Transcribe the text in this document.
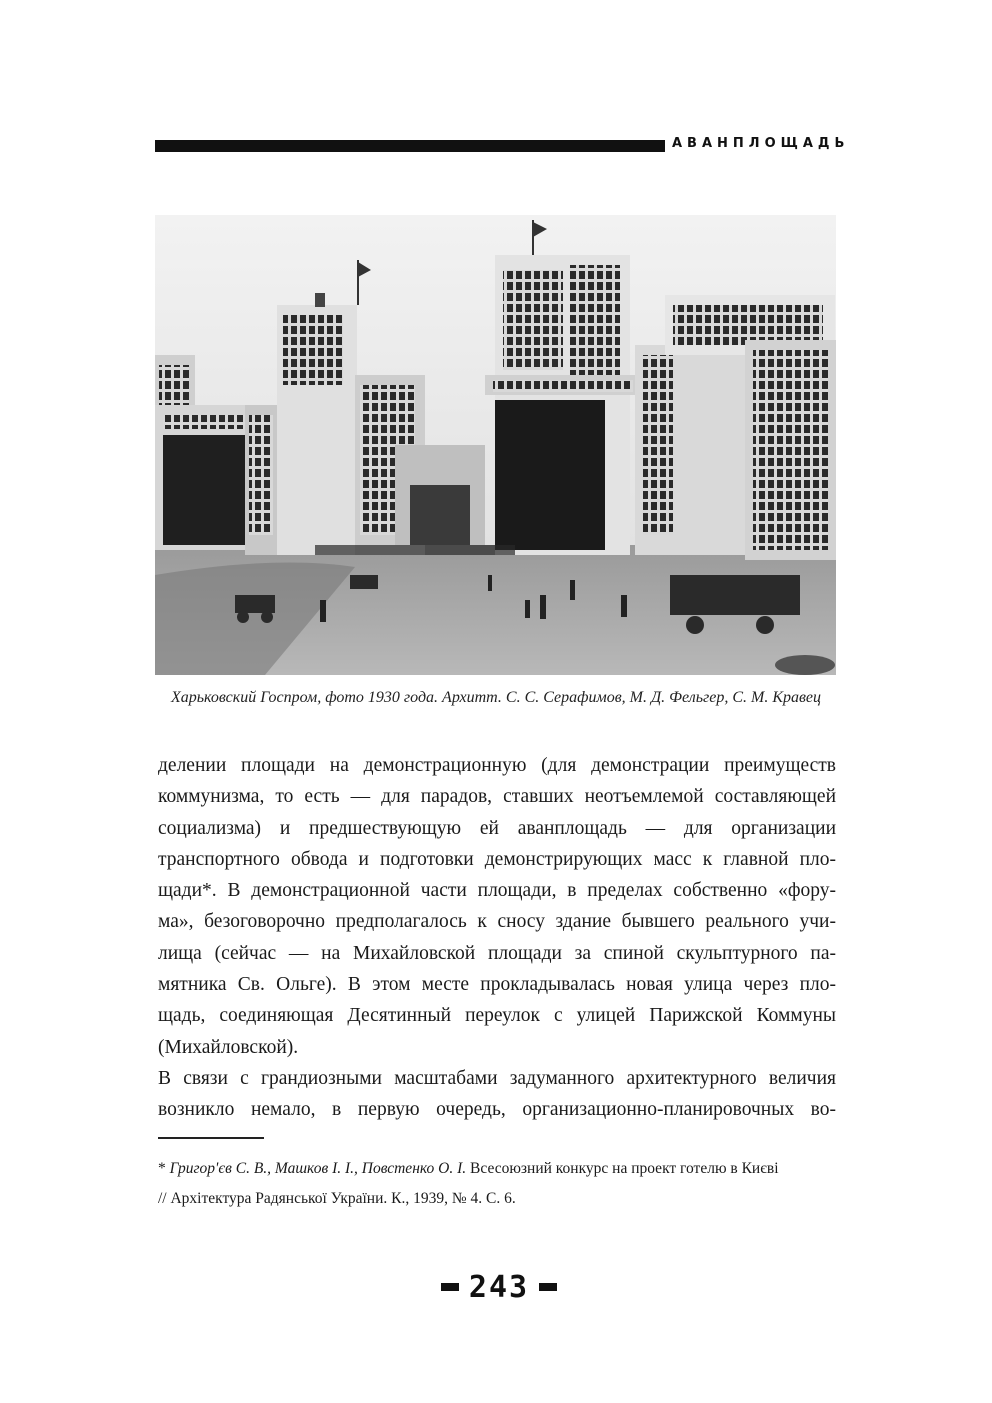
АВАНПЛОЩАДЬ
Харьковский Госпром, фото 1930 года. Архитт. С. С. Серафимов, М. Д. Фельгер, С. М. Кравец
делении площади на демонстрационную (для демонстрации преимуществ
коммунизма, то есть — для парадов, ставших неотъемлемой составляющей
социализма) и предшествующую ей аванплощадь — для организации
транспортного обвода и подготовки демонстрирующих масс к главной пло-
щади*. В демонстрационной части площади, в пределах собственно «фору-
ма», безоговорочно предполагалось к сносу здание бывшего реального учи-
лища (сейчас — на Михайловской площади за спиной скульптурного па-
мятника Св. Ольге). В этом месте прокладывалась новая улица через пло-
щадь, соединяющая Десятинный переулок с улицей Парижской Коммуны
(Михайловской).
В связи с грандиозными масштабами задуманного архитектурного величия
возникло немало, в первую очередь, организационно-планировочных во-
* Григор'єв С. В., Машков І. І., Повстенко О. І. Всесоюзний конкурс на проект готелю в Києві
// Архітектура Радянської України. К., 1939, № 4. С. 6.
243
